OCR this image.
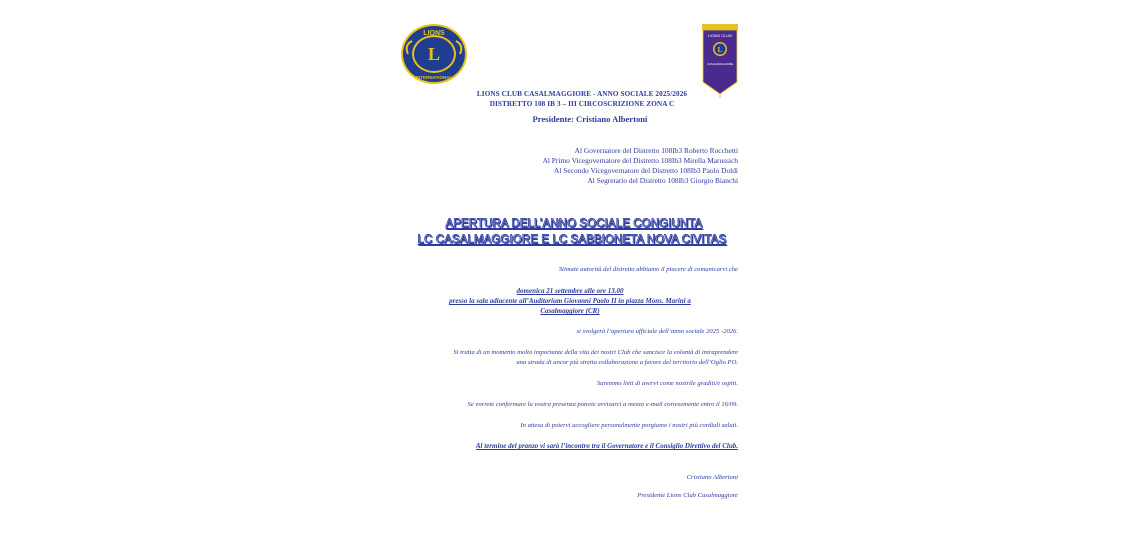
L
LIONS
INTERNATIONAL
LIONS CLUB
L
CASALMAGGIORE
LIONS CLUB CASALMAGGIORE - ANNO SOCIALE 2025/2026
DISTRETTO 108 IB 3 – III CIRCOSCRIZIONE ZONA C
Presidente: Cristiano Albertoni
Al Governatore del Distretto 108Ib3 Roberto Rocchetti
Al Primo Vicegovernatore del Distretto 108Ib3 Mirella Marussich
Al Secondo Vicegovernatore del Distretto 108Ib3 Paolo Doldi
Al Segretario del Distretto 108Ib3 Giorgio Bianchi
APERTURA DELL’ANNO SOCIALE CONGIUNTA
LC CASALMAGGIORE E LC SABBIONETA NOVA CIVITAS
Stimate autorità del distretto abbiamo il piacere di comunicarvi che
domenica 21 settembre alle ore 13.00
presso la sala adiacente all’Auditorium Giovanni Paolo II in piazza Mons. Marini a
Casalmaggiore (CR)
si svolgerà l’apertura ufficiale dell’anno sociale 2025 -2026.
Si tratta di un momento molto importante della vita dei nostri Club che sancisce la volontà di intraprendere
una strada di ancor più stretta collaborazione a favore del territorio dell’Oglio PO.
Saremmo lieti di avervi come nostrile graditi/e ospiti.
Se vorrete confermare la vostra presenza potrete avvisarci a mezzo e-mail cortesemente entro il 16/09.
In attesa di potervi accogliere personalmente porgiamo i nostri più cordiali saluti.
Al termine del pranzo vi sarà l’incontro tra il Governatore e il Consiglio Direttivo del Club.
Cristiano Albertoni
Presidente Lions Club Casalmaggiore
